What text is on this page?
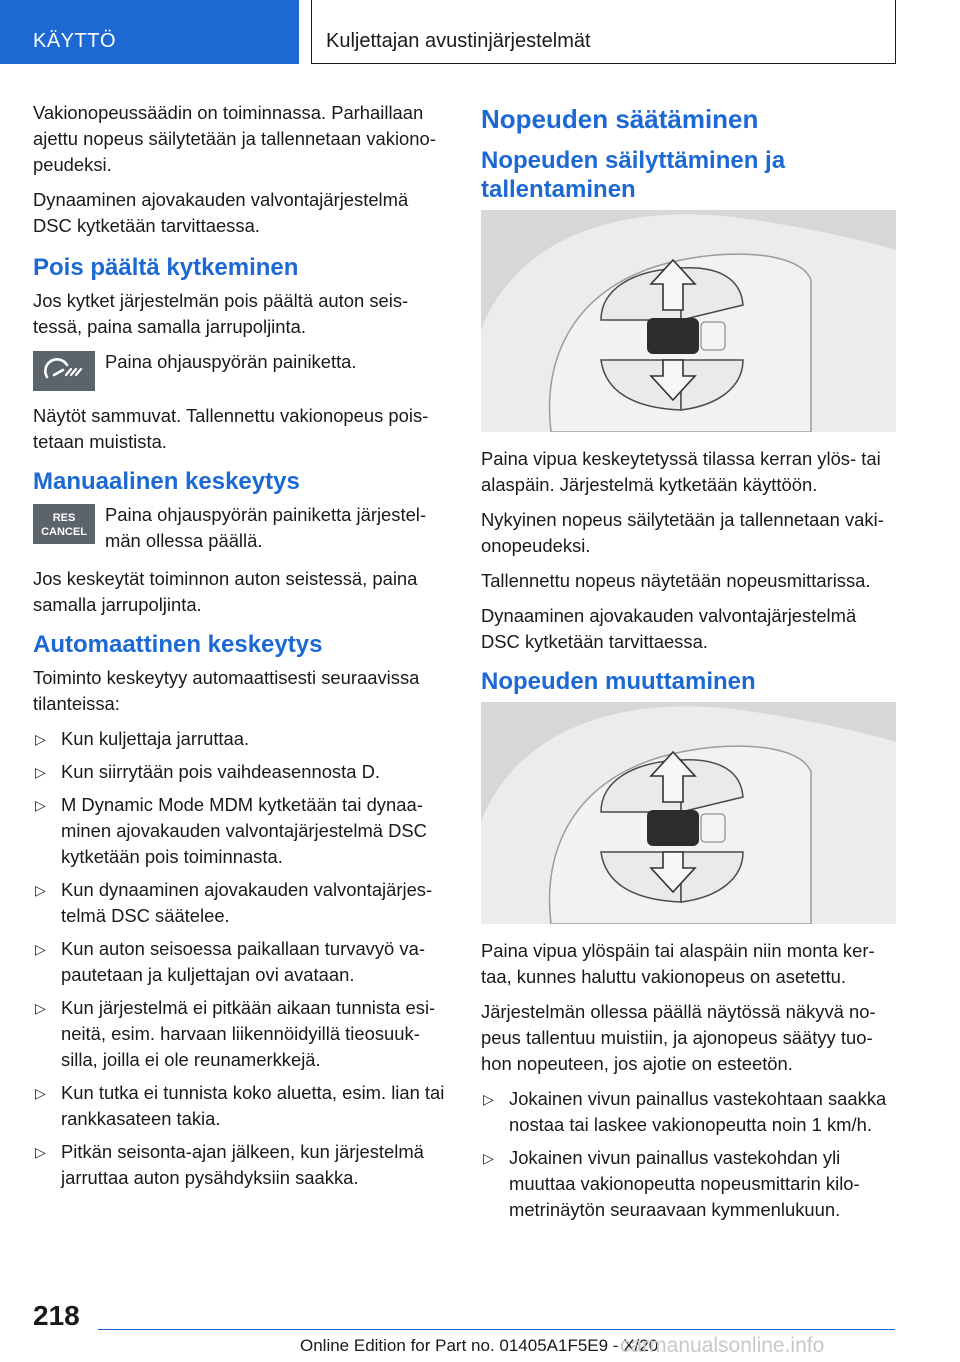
KÄYTTÖ	Kuljettajan avustinjärjestelmät

Vakionopeussäädin on toiminnassa. Parhaillaan ajettu nopeus säilytetään ja tallennetaan vakionopeudeksi.

Dynaaminen ajovakauden valvontajärjestelmä DSC kytketään tarvittaessa.

Pois päältä kytkeminen

Jos kytket järjestelmän pois päältä auton seistessä, paina samalla jarrupoljinta.

Paina ohjauspyörän painiketta.

Näytöt sammuvat. Tallennettu vakionopeus poistetaan muistista.

Manuaalinen keskeytys
RES
CANCEL
Paina ohjauspyörän painiketta järjestelmän ollessa päällä.

Jos keskeytät toiminnon auton seistessä, paina samalla jarrupoljinta.

Automaattinen keskeytys

Toiminto keskeytyy automaattisesti seuraavissa tilanteissa:

▷ Kun kuljettaja jarruttaa.
▷ Kun siirrytään pois vaihdeasennosta D.
▷ M Dynamic Mode MDM kytketään tai dynaaminen ajovakauden valvontajärjestelmä DSC kytketään pois toiminnasta.
▷ Kun dynaaminen ajovakauden valvontajärjestelmä DSC säätelee.
▷ Kun auton seisoessa paikallaan turvavyö vapautetaan ja kuljettajan ovi avataan.
▷ Kun järjestelmä ei pitkään aikaan tunnista esineitä, esim. harvaan liikennöidyillä tieosuuksilla, joilla ei ole reunamerkkejä.
▷ Kun tutka ei tunnista koko aluetta, esim. lian tai rankkasateen takia.
▷ Pitkän seisonta-ajan jälkeen, kun järjestelmä jarruttaa auton pysähdyksiin saakka.
Nopeuden säätäminen
Nopeuden säilyttäminen ja tallentaminen

Paina vipua keskeytetyssä tilassa kerran ylös- tai alaspäin. Järjestelmä kytketään käyttöön.

Nykyinen nopeus säilytetään ja tallennetaan vakionopeudeksi.

Tallennettu nopeus näytetään nopeusmittarissa.

Dynaaminen ajovakauden valvontajärjestelmä DSC kytketään tarvittaessa.

Nopeuden muuttaminen

Paina vipua ylöspäin tai alaspäin niin monta kertaa, kunnes haluttu vakionopeus on asetettu.

Järjestelmän ollessa päällä näytössä näkyvä nopeus tallentuu muistiin, ja ajonopeus säätyy tuohon nopeuteen, jos ajotie on esteetön.

▷ Jokainen vivun painallus vastekohtaan saakka nostaa tai laskee vakionopeutta noin 1 km/h.
▷ Jokainen vivun painallus vastekohdan yli muuttaa vakionopeutta nopeusmittarin kilometrinäytön seuraavaan kymmenlukuun.
218
Online Edition for Part no. 01405A1F5E9 - X/20
carmanualsonline.info
